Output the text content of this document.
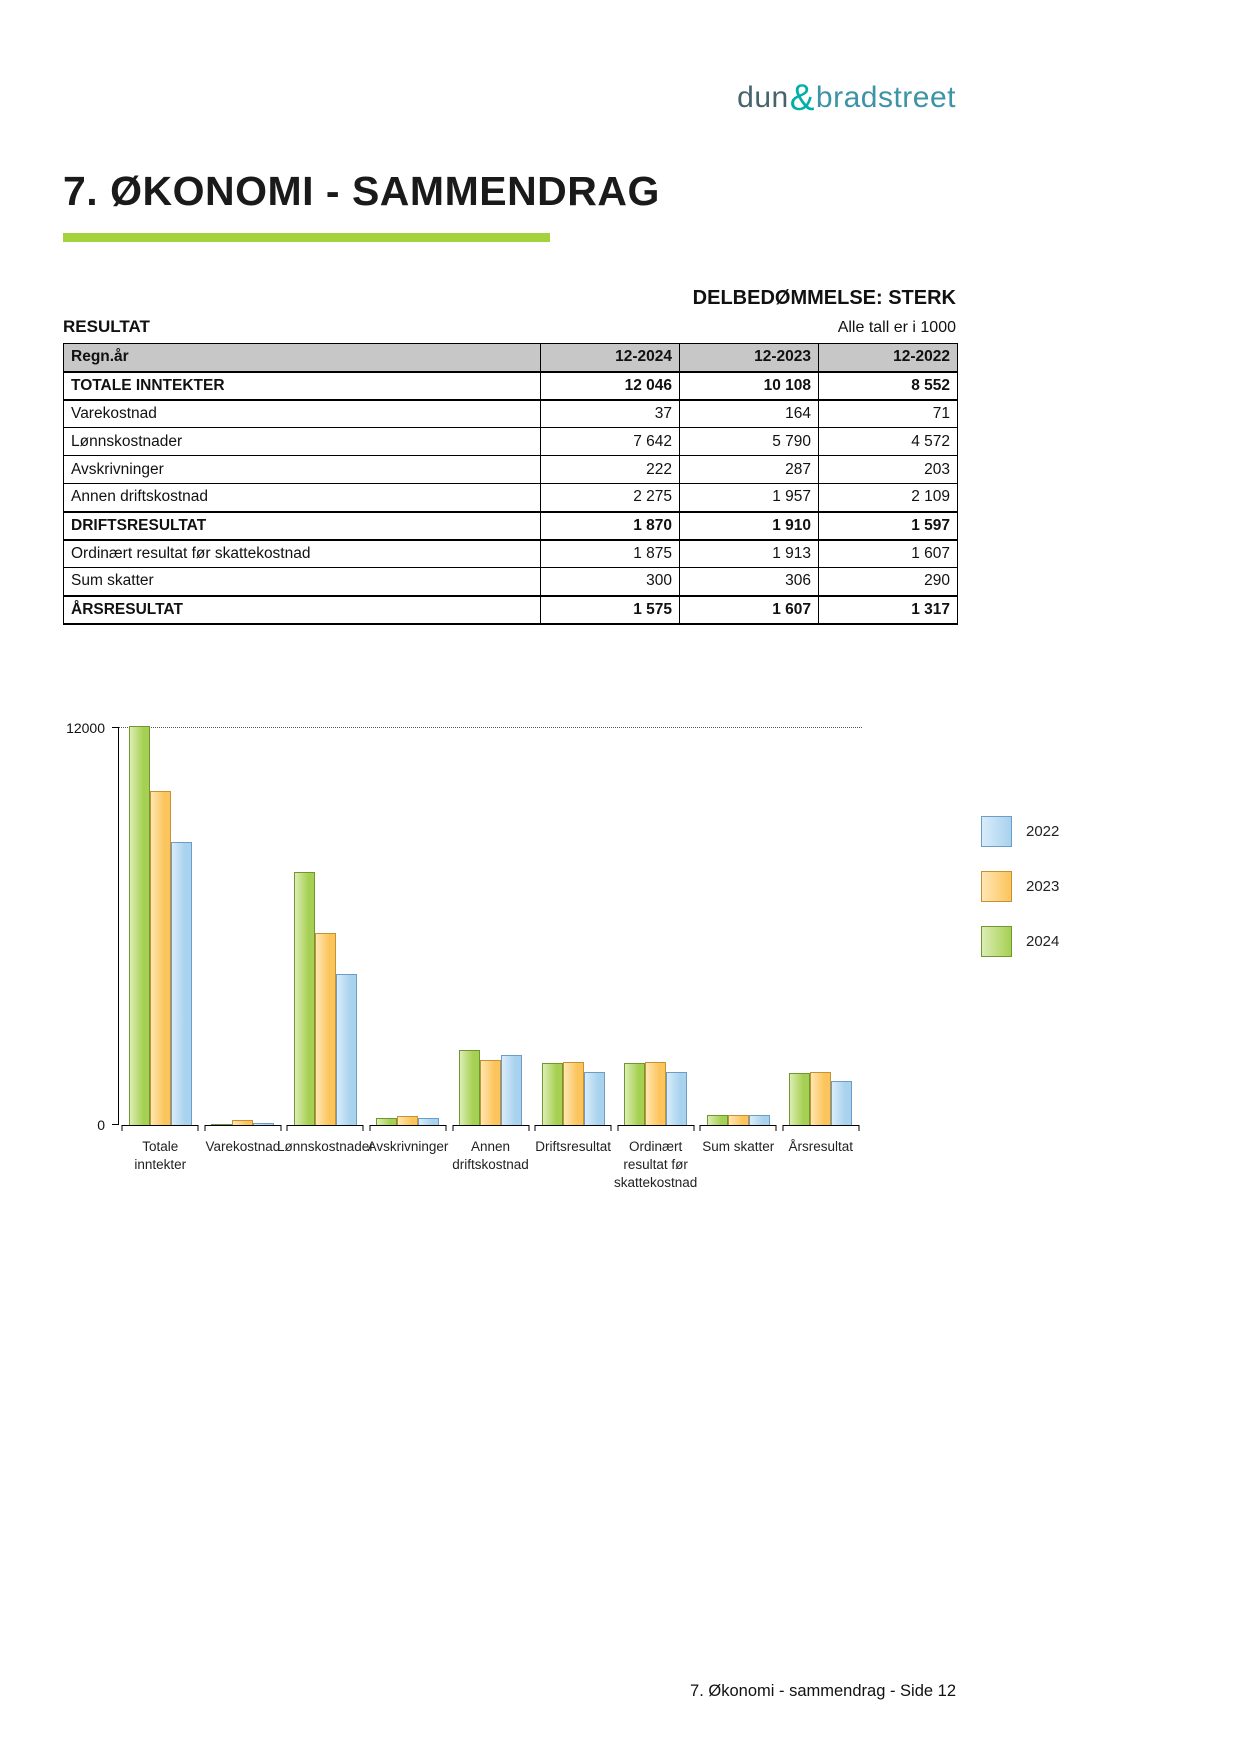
dun&bradstreet
7. ØKONOMI - SAMMENDRAG
DELBEDØMMELSE: STERK
RESULTAT	Alle tall er i 1000
Regn.år	12-2024	12-2023	12-2022
TOTALE INNTEKTER	12 046	10 108	8 552
Varekostnad	37	164	71
Lønnskostnader	7 642	5 790	4 572
Avskrivninger	222	287	203
Annen driftskostnad	2 275	1 957	2 109
DRIFTSRESULTAT	1 870	1 910	1 597
Ordinært resultat før skattekostnad	1 875	1 913	1 607
Sum skatter	300	306	290
ÅRSRESULTAT	1 575	1 607	1 317
12000
0
Totale
inntekter
Varekostnad
Lønnskostnader
Avskrivninger	Annen
driftskostnad
Driftsresultat	Ordinært
resultat før
skattekostnad
Sum skatter Årsresultat
2022
2023
2024
7. Økonomi - sammendrag - Side 12
